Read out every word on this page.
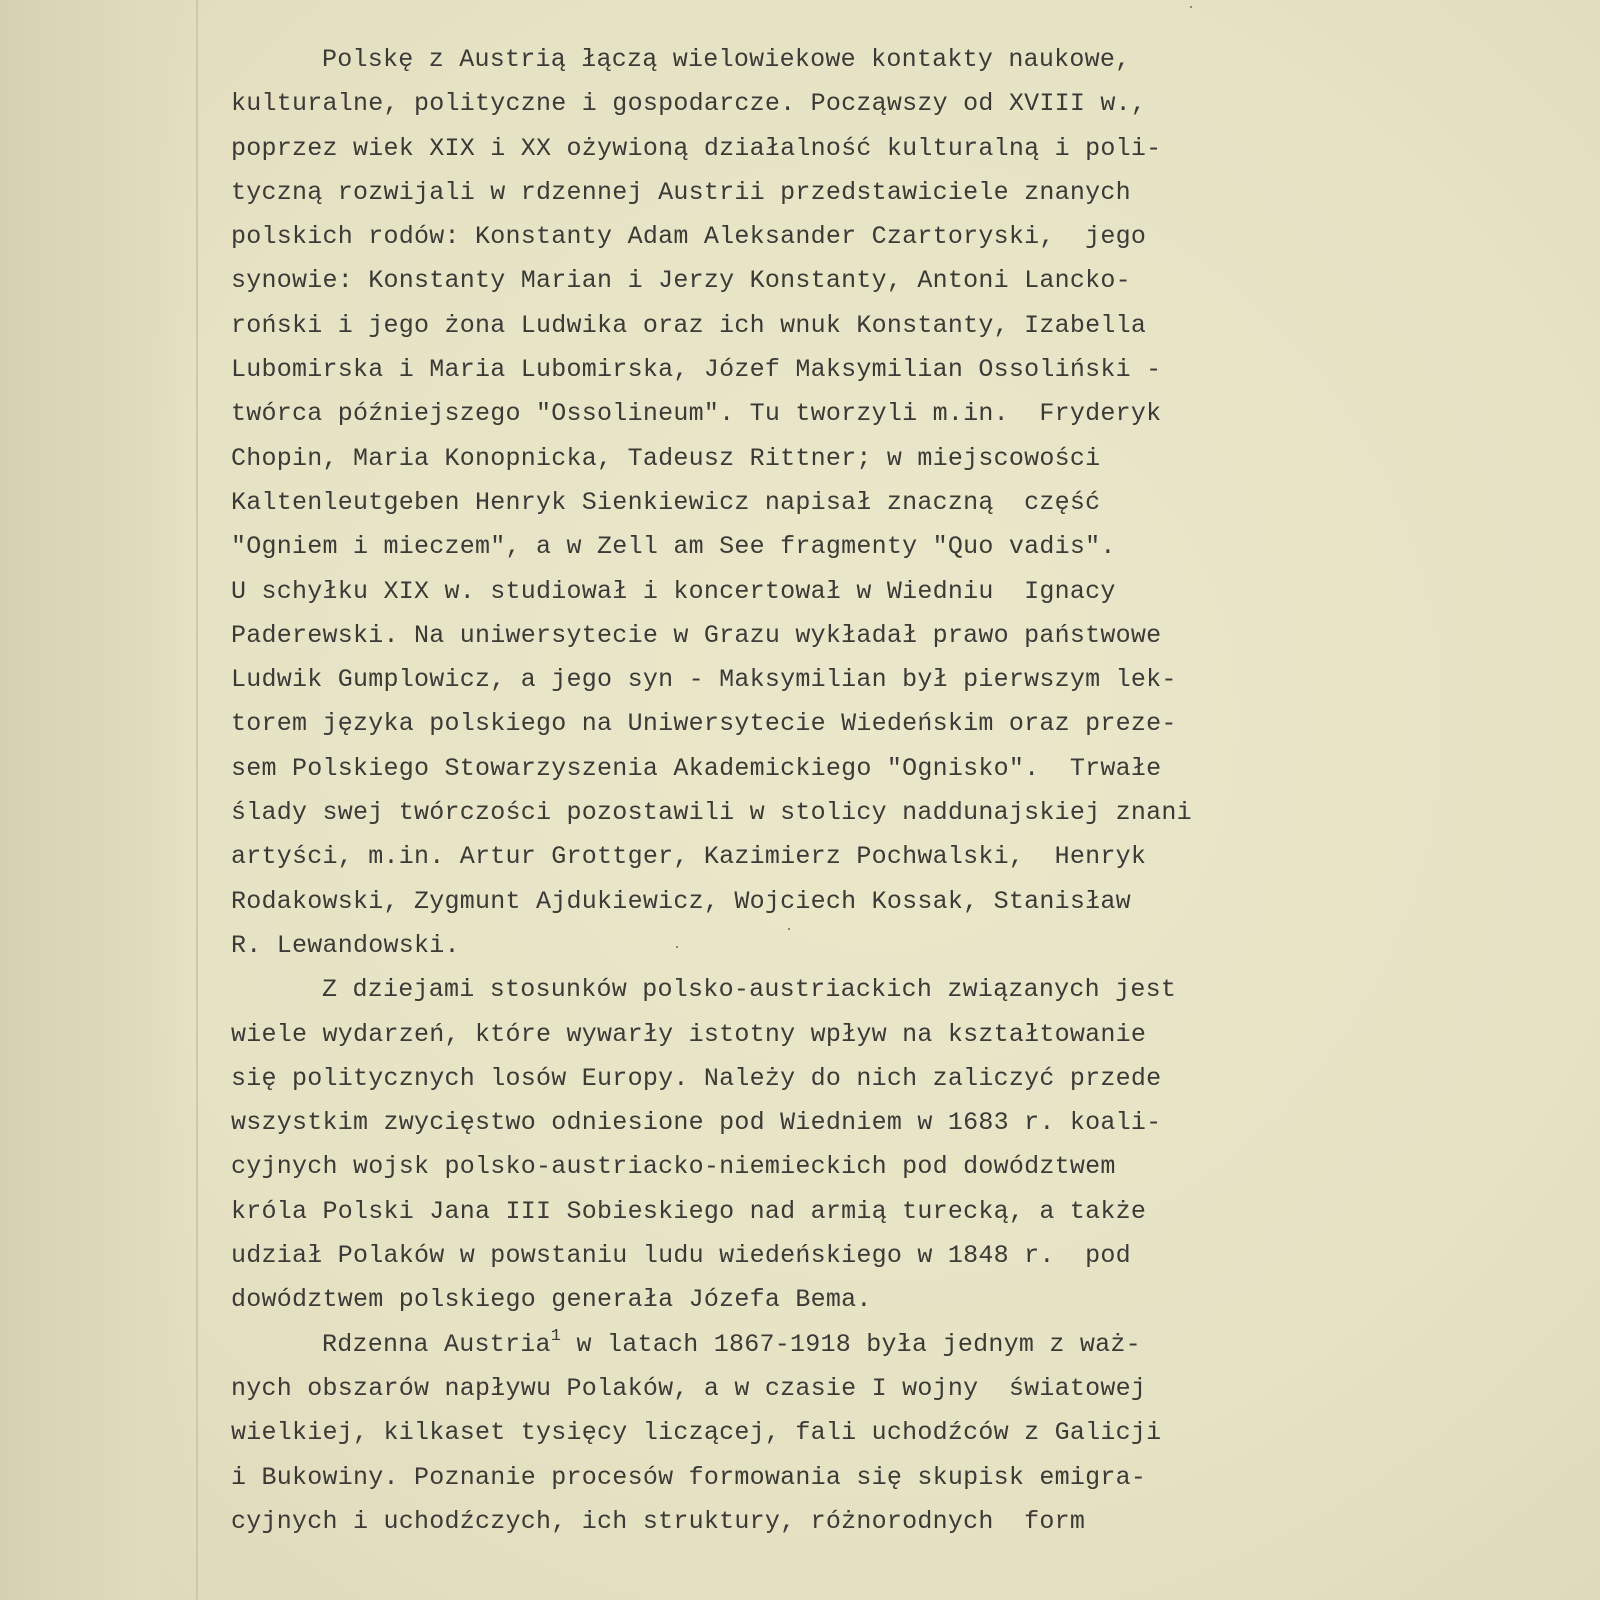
Polskę z Austrią łączą wielowiekowe kontakty naukowe,
kulturalne, polityczne i gospodarcze. Począwszy od XVIII w.,
poprzez wiek XIX i XX ożywioną działalność kulturalną i poli-
tyczną rozwijali w rdzennej Austrii przedstawiciele znanych
polskich rodów: Konstanty Adam Aleksander Czartoryski,  jego
synowie: Konstanty Marian i Jerzy Konstanty, Antoni Lancko-
roński i jego żona Ludwika oraz ich wnuk Konstanty, Izabella
Lubomirska i Maria Lubomirska, Józef Maksymilian Ossoliński -
twórca późniejszego "Ossolineum". Tu tworzyli m.in.  Fryderyk
Chopin, Maria Konopnicka, Tadeusz Rittner; w miejscowości
Kaltenleutgeben Henryk Sienkiewicz napisał znaczną  część
"Ogniem i mieczem", a w Zell am See fragmenty "Quo vadis".
U schyłku XIX w. studiował i koncertował w Wiedniu  Ignacy
Paderewski. Na uniwersytecie w Grazu wykładał prawo państwowe
Ludwik Gumplowicz, a jego syn - Maksymilian był pierwszym lek-
torem języka polskiego na Uniwersytecie Wiedeńskim oraz preze-
sem Polskiego Stowarzyszenia Akademickiego "Ognisko".  Trwałe
ślady swej twórczości pozostawili w stolicy naddunajskiej znani
artyści, m.in. Artur Grottger, Kazimierz Pochwalski,  Henryk
Rodakowski, Zygmunt Ajdukiewicz, Wojciech Kossak, Stanisław
R. Lewandowski.
Z dziejami stosunków polsko-austriackich związanych jest
wiele wydarzeń, które wywarły istotny wpływ na kształtowanie
się politycznych losów Europy. Należy do nich zaliczyć przede
wszystkim zwycięstwo odniesione pod Wiedniem w 1683 r. koali-
cyjnych wojsk polsko-austriacko-niemieckich pod dowództwem
króla Polski Jana III Sobieskiego nad armią turecką, a także
udział Polaków w powstaniu ludu wiedeńskiego w 1848 r.  pod
dowództwem polskiego generała Józefa Bema.
Rdzenna Austria$^1$ w latach 1867-1918 była jednym z waż-
nych obszarów napływu Polaków, a w czasie I wojny  światowej
wielkiej, kilkaset tysięcy liczącej, fali uchodźców z Galicji
i Bukowiny. Poznanie procesów formowania się skupisk emigra-
cyjnych i uchodźczych, ich struktury, różnorodnych  form
